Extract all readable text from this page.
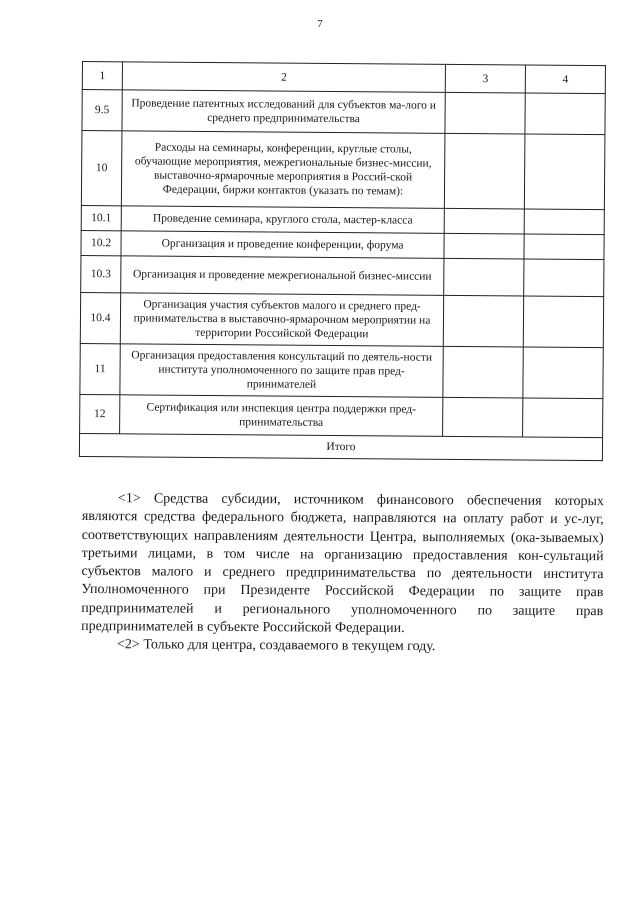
7
1	2	3	4
9.5	Проведение патентных исследований для субъектов ма-лого и среднего предпринимательства		
10	Расходы на семинары, конференции, круглые столы, обучающие мероприятия, межрегиональные бизнес-миссии, выставочно-ярмарочные мероприятия в Россий-ской Федерации, биржи контактов (указать по темам):		
10.1	Проведение семинара, круглого стола, мастер-класса		
10.2	Организация и проведение конференции, форума		
10.3	Организация и проведение межрегиональной бизнес-миссии		
10.4	Организация участия субъектов малого и среднего пред-принимательства в выставочно-ярмарочном мероприятии на территории Российской Федерации		
11	Организация предоставления консультаций по деятель-ности института уполномоченного по защите прав пред-принимателей		
12	Сертификация или инспекция центра поддержки пред-принимательства		
Итого			

<1> Средства субсидии, источником финансового обеспечения которых являются средства федерального бюджета, направляются на оплату работ и ус-луг, соответствующих направлениям деятельности Центра, выполняемых (ока-зываемых) третьими лицами, в том числе на организацию предоставления кон-сультаций субъектов малого и среднего предпринимательства по деятельности института Уполномоченного при Президенте Российской Федерации по защите прав предпринимателей и регионального уполномоченного по защите прав предпринимателей в субъекте Российской Федерации.

<2> Только для центра, создаваемого в текущем году.
